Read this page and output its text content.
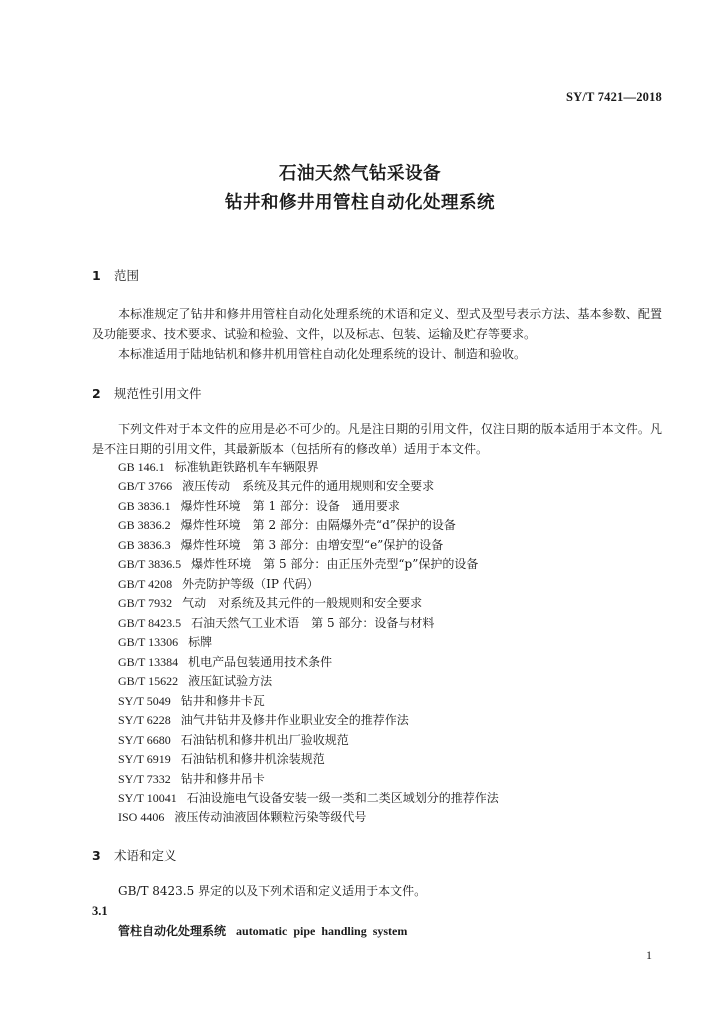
SY/T 7421—2018
石油天然气钻采设备
钻井和修井用管柱自动化处理系统
1 范围

本标准规定了钻井和修井用管柱自动化处理系统的术语和定义、型式及型号表示方法、基本参数、配置及功能要求、技术要求、试验和检验、文件，以及标志、包装、运输及贮存等要求。

本标准适用于陆地钻机和修井机用管柱自动化处理系统的设计、制造和验收。

2 规范性引用文件

下列文件对于本文件的应用是必不可少的。凡是注日期的引用文件，仅注日期的版本适用于本文件。凡是不注日期的引用文件，其最新版本（包括所有的修改单）适用于本文件。

GB 146.1 标准轨距铁路机车车辆限界
GB/T 3766 液压传动　系统及其元件的通用规则和安全要求
GB 3836.1 爆炸性环境　第 1 部分：设备　通用要求
GB 3836.2 爆炸性环境　第 2 部分：由隔爆外壳“d”保护的设备
GB 3836.3 爆炸性环境　第 3 部分：由增安型“e”保护的设备
GB/T 3836.5 爆炸性环境　第 5 部分：由正压外壳型“p”保护的设备
GB/T 4208 外壳防护等级（IP 代码）
GB/T 7932 气动　对系统及其元件的一般规则和安全要求
GB/T 8423.5 石油天然气工业术语　第 5 部分：设备与材料
GB/T 13306 标牌
GB/T 13384 机电产品包装通用技术条件
GB/T 15622 液压缸试验方法
SY/T 5049 钻井和修井卡瓦
SY/T 6228 油气井钻井及修井作业职业安全的推荐作法
SY/T 6680 石油钻机和修井机出厂验收规范
SY/T 6919 石油钻机和修井机涂装规范
SY/T 7332 钻井和修井吊卡
SY/T 10041 石油设施电气设备安装一级一类和二类区域划分的推荐作法
ISO 4406 液压传动油液固体颗粒污染等级代号
3 术语和定义

GB/T 8423.5 界定的以及下列术语和定义适用于本文件。

3.1
管柱自动化处理系统 automatic pipe handling system
1
